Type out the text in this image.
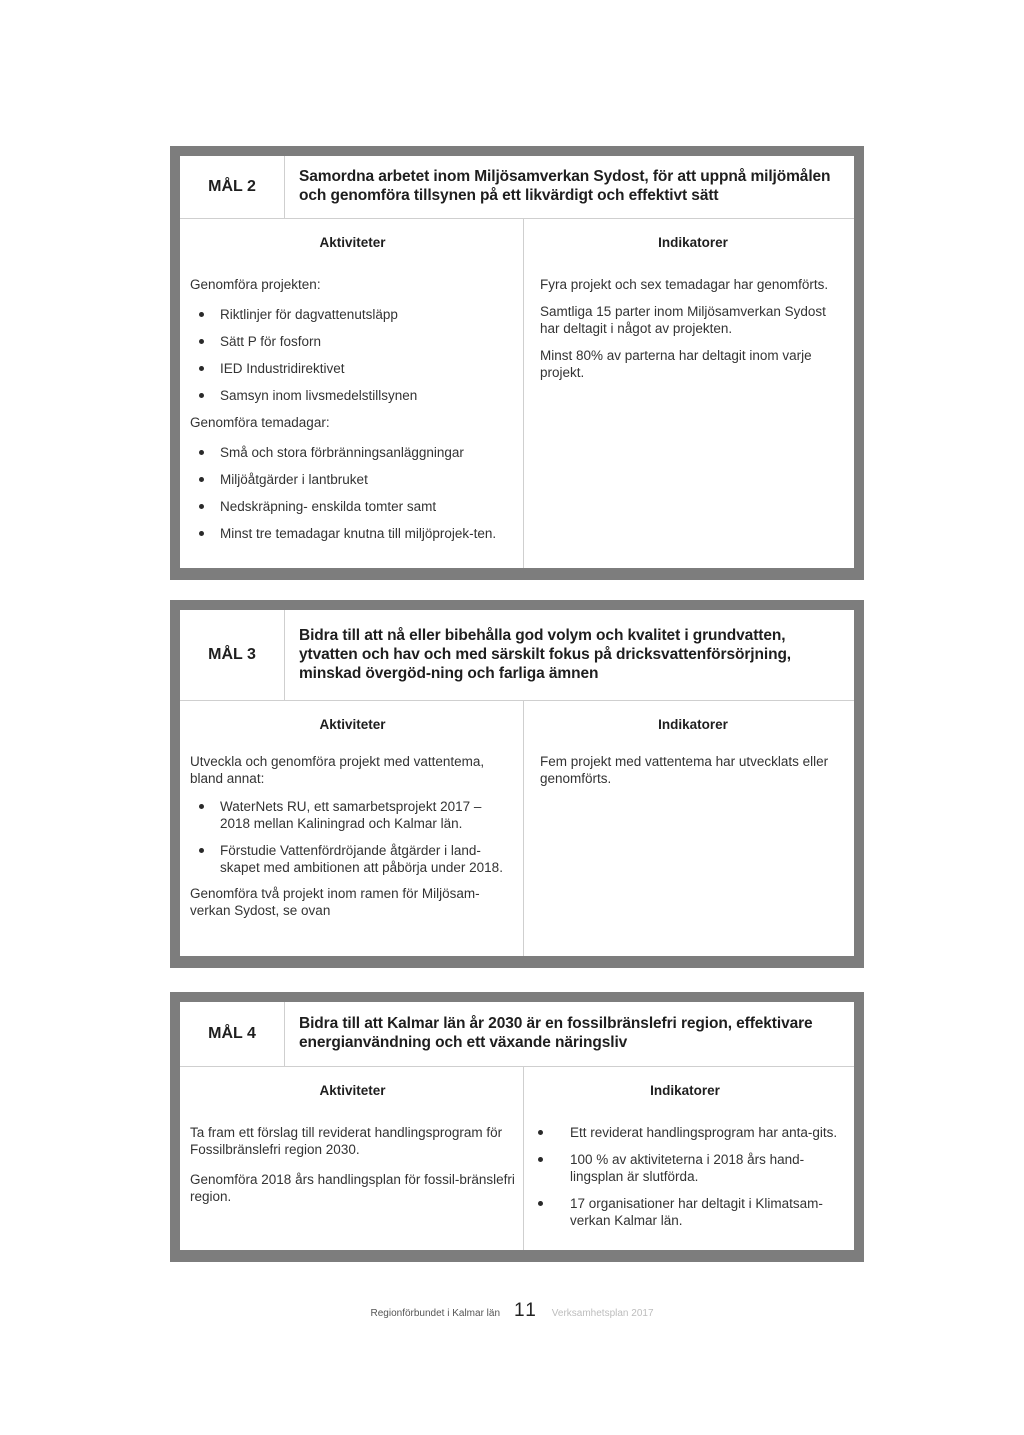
MÅL 2
Samordna arbetet inom Miljösamverkan Sydost, för att uppnå miljömålen och genomföra tillsynen på ett likvärdigt och effektivt sätt
Aktiviteter

Genomföra projekten:

Riktlinjer för dagvattenutsläpp
Sätt P för fosforn
IED Industridirektivet
Samsyn inom livsmedelstillsynen

Genomföra temadagar:

Små och stora förbränningsanläggningar
Miljöåtgärder i lantbruket
Nedskräpning- enskilda tomter samt
Minst tre temadagar knutna till miljöprojek-ten.
Indikatorer

Fyra projekt och sex temadagar har genomförts.

Samtliga 15 parter inom Miljösamverkan Sydost har deltagit i något av projekten.

Minst 80% av parterna har deltagit inom varje projekt.

MÅL 3
Bidra till att nå eller bibehålla god volym och kvalitet i grundvatten, ytvatten och hav och med särskilt fokus på dricksvattenförsörjning, minskad övergöd-ning och farliga ämnen
Aktiviteter

Utveckla och genomföra projekt med vattentema, bland annat:

WaterNets RU, ett samarbetsprojekt 2017 – 2018 mellan Kaliningrad och Kalmar län.
Förstudie Vattenfördröjande åtgärder i land-skapet med ambitionen att påbörja under 2018.

Genomföra två projekt inom ramen för Miljösam-verkan Sydost, se ovan

Indikatorer

Fem projekt med vattentema har utvecklats eller genomförts.

MÅL 4
Bidra till att Kalmar län år 2030 är en fossilbränslefri region, effektivare energianvändning och ett växande näringsliv
Aktiviteter

Ta fram ett förslag till reviderat handlingsprogram för Fossilbränslefri region 2030.

Genomföra 2018 års handlingsplan för fossil-bränslefri region.

Indikatorer
Ett reviderat handlingsprogram har anta-gits.
100 % av aktiviteterna i 2018 års hand-lingsplan är slutförda.
17 organisationer har deltagit i Klimatsam-verkan Kalmar län.
Regionförbundet i Kalmar län 11 Verksamhetsplan 2017
